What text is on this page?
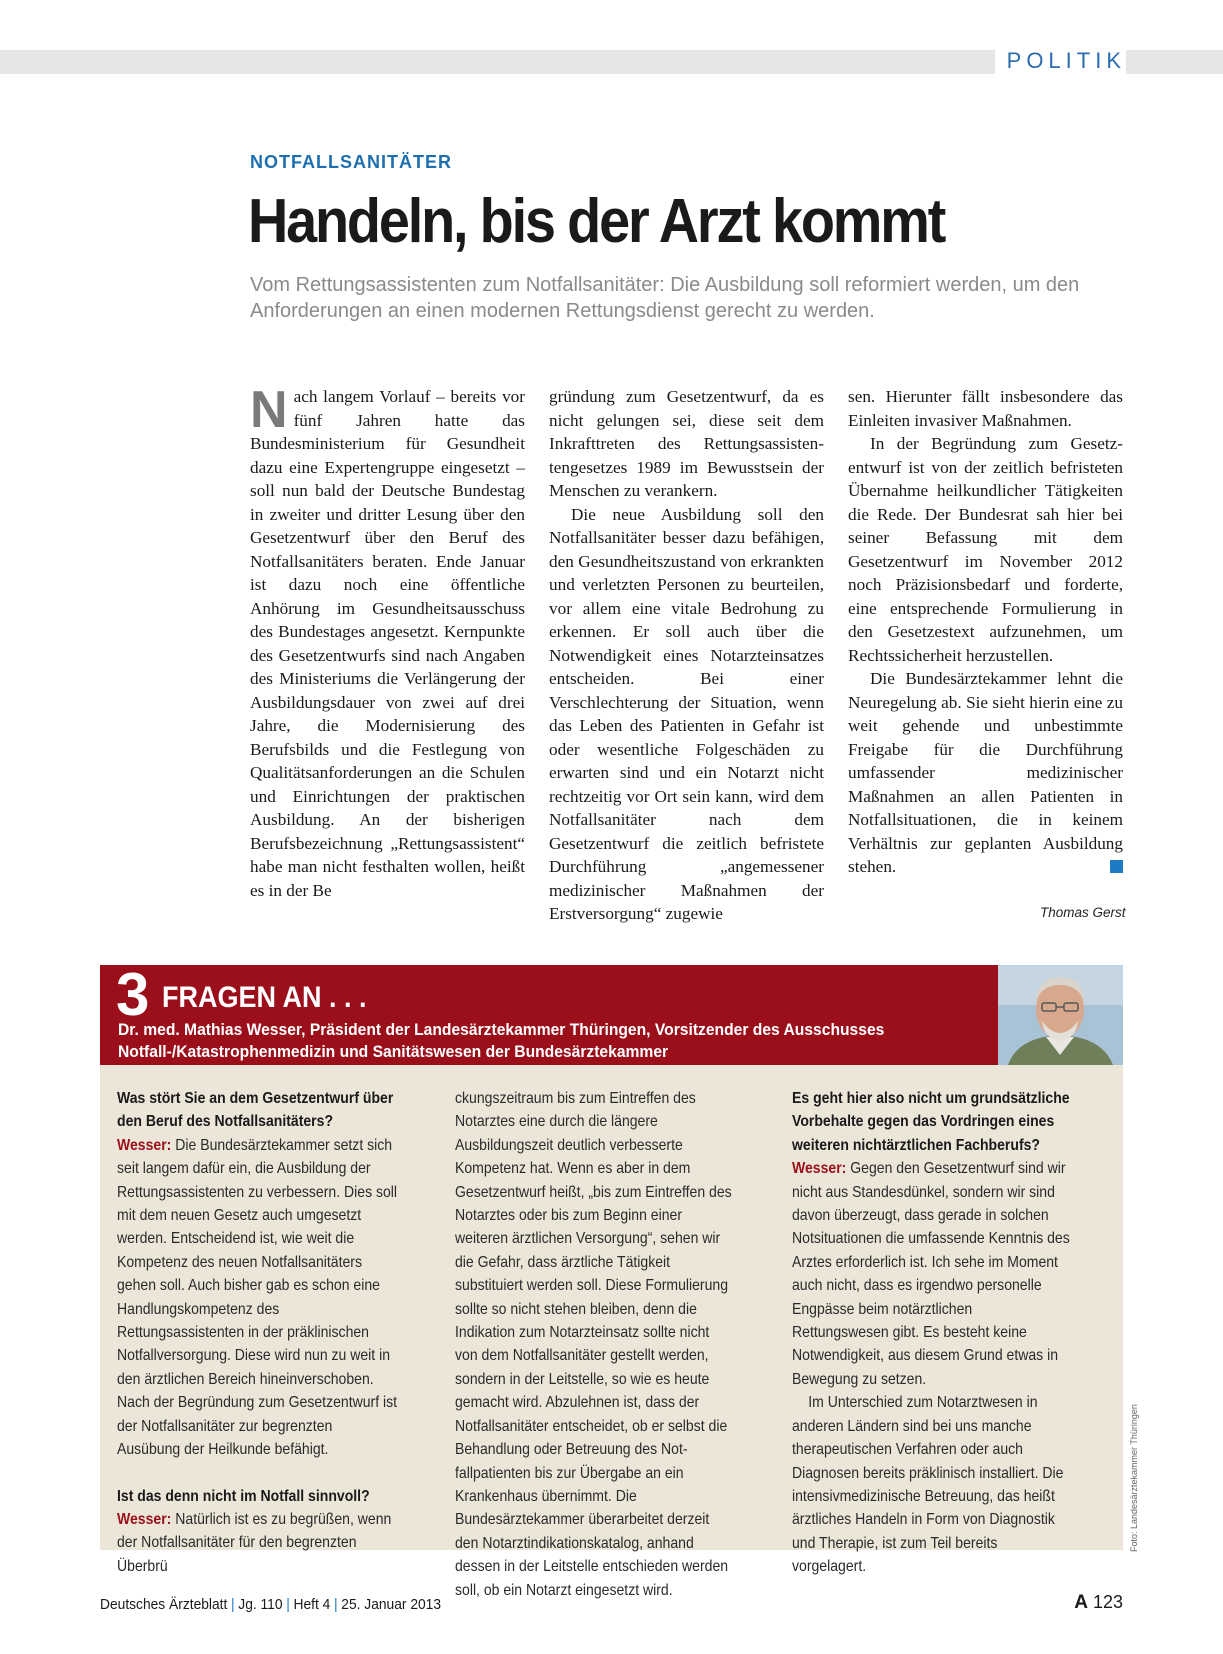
POLITIK
NOTFALLSANITÄTER
Handeln, bis der Arzt kommt

Vom Rettungsassistenten zum Notfallsanitäter: Die Ausbildung soll reformiert werden, um den Anforderungen an einen modernen Rettungsdienst gerecht zu werden.

Nach langem Vorlauf – bereits vor fünf Jahren hatte das Bundesministerium für Gesundheit dazu eine Expertengruppe eingesetzt – soll nun bald der Deutsche Bundestag in zweiter und dritter Lesung über den Gesetzentwurf über den Beruf des Notfallsanitäters beraten. Ende Januar ist dazu noch eine öffentliche Anhörung im Gesundheitsausschuss des Bundestages angesetzt. Kernpunkte des Gesetzentwurfs sind nach Angaben des Ministeriums die Verlängerung der Ausbildungsdauer von zwei auf drei Jahre, die Modernisierung des Berufsbilds und die Festlegung von Qualitätsanforderungen an die Schulen und Einrichtungen der praktischen Ausbildung. An der bisherigen Berufsbezeichnung „Rettungsassistent“ habe man nicht festhalten wollen, heißt es in der Be

gründung zum Gesetzentwurf, da es nicht gelungen sei, diese seit dem Inkrafttreten des Rettungsassistentengesetzes 1989 im Bewusstsein der Menschen zu verankern.

Die neue Ausbildung soll den Notfallsanitäter besser dazu befähigen, den Gesundheitszustand von erkrankten und verletzten Personen zu beurteilen, vor allem eine vitale Bedrohung zu erkennen. Er soll auch über die Notwendigkeit eines Notarzteinsatzes entscheiden. Bei einer Verschlechterung der Situation, wenn das Leben des Patienten in Gefahr ist oder wesentliche Folgeschäden zu erwarten sind und ein Notarzt nicht rechtzeitig vor Ort sein kann, wird dem Notfallsanitäter nach dem Gesetzentwurf die zeitlich befristete Durchführung „angemessener medizinischer Maßnahmen der Erstversorgung“ zugewie

sen. Hierunter fällt insbesondere das Einleiten invasiver Maßnahmen.

In der Begründung zum Gesetzentwurf ist von der zeitlich befristeten Übernahme heilkundlicher Tätigkeiten die Rede. Der Bundesrat sah hier bei seiner Befassung mit dem Gesetzentwurf im November 2012 noch Präzisionsbedarf und forderte, eine entsprechende Formulierung in den Gesetzestext aufzunehmen, um Rechtssicherheit herzustellen.

Die Bundesärztekammer lehnt die Neuregelung ab. Sie sieht hierin eine zu weit gehende und unbestimmte Freigabe für die Durchführung umfassender medizinischer Maßnahmen an allen Patienten in Notfallsituationen, die in keinem Verhältnis zur geplanten Ausbildung stehen.

Thomas Gerst
3 FRAGEN AN . . .
Dr. med. Mathias Wesser, Präsident der Landesärztekammer Thüringen, Vorsitzender des Ausschusses Notfall-/Katastrophenmedizin und Sanitätswesen der Bundesärztekammer

Was stört Sie an dem Gesetzentwurf über den Beruf des Notfallsanitäters?

Wesser: Die Bundesärztekammer setzt sich seit langem dafür ein, die Ausbildung der Rettungsassistenten zu verbessern. Dies soll mit dem neuen Gesetz auch umgesetzt werden. Entscheidend ist, wie weit die Kompetenz des neuen Notfallsanitäters gehen soll. Auch bisher gab es schon eine Handlungskompetenz des Rettungsassistenten in der präklinischen Notfallversorgung. Diese wird nun zu weit in den ärztlichen Bereich hineinverschoben. Nach der Begründung zum Gesetzentwurf ist der Notfallsanitäter zur begrenzten Ausübung der Heilkunde befähigt.

Ist das denn nicht im Notfall sinnvoll?

Wesser: Natürlich ist es zu begrüßen, wenn der Notfallsanitäter für den begrenzten Überbrü

ckungszeitraum bis zum Eintreffen des Notarztes eine durch die längere Ausbildungszeit deutlich verbesserte Kompetenz hat. Wenn es aber in dem Gesetzentwurf heißt, „bis zum Eintreffen des Notarztes oder bis zum Beginn einer weiteren ärztlichen Versorgung“, sehen wir die Gefahr, dass ärztliche Tätigkeit substituiert werden soll. Diese Formulierung sollte so nicht stehen bleiben, denn die Indikation zum Notarzteinsatz sollte nicht von dem Notfallsanitäter gestellt werden, sondern in der Leitstelle, so wie es heute gemacht wird. Abzulehnen ist, dass der Notfallsanitäter entscheidet, ob er selbst die Behandlung oder Betreuung des Notfallpatienten bis zur Übergabe an ein Krankenhaus übernimmt. Die Bundesärztekammer überarbeitet derzeit den Notarztindikationskatalog, anhand dessen in der Leitstelle entschieden werden soll, ob ein Notarzt eingesetzt wird.

Es geht hier also nicht um grundsätzliche Vorbehalte gegen das Vordringen eines weiteren nichtärztlichen Fachberufs?

Wesser: Gegen den Gesetzentwurf sind wir nicht aus Standesdünkel, sondern wir sind davon überzeugt, dass gerade in solchen Notsituationen die umfassende Kenntnis des Arztes erforderlich ist. Ich sehe im Moment auch nicht, dass es irgendwo personelle Engpässe beim notärztlichen Rettungswesen gibt. Es besteht keine Notwendigkeit, aus diesem Grund etwas in Bewegung zu setzen.

Im Unterschied zum Notarztwesen in anderen Ländern sind bei uns manche therapeutischen Verfahren oder auch Diagnosen bereits präklinisch installiert. Die intensivmedizinische Betreuung, das heißt ärztliches Handeln in Form von Diagnostik und Therapie, ist zum Teil bereits vorgelagert.

Foto: Landesärztekammer Thüringen
Deutsches Ärzteblatt | Jg. 110 | Heft 4 | 25. Januar 2013	A 123
